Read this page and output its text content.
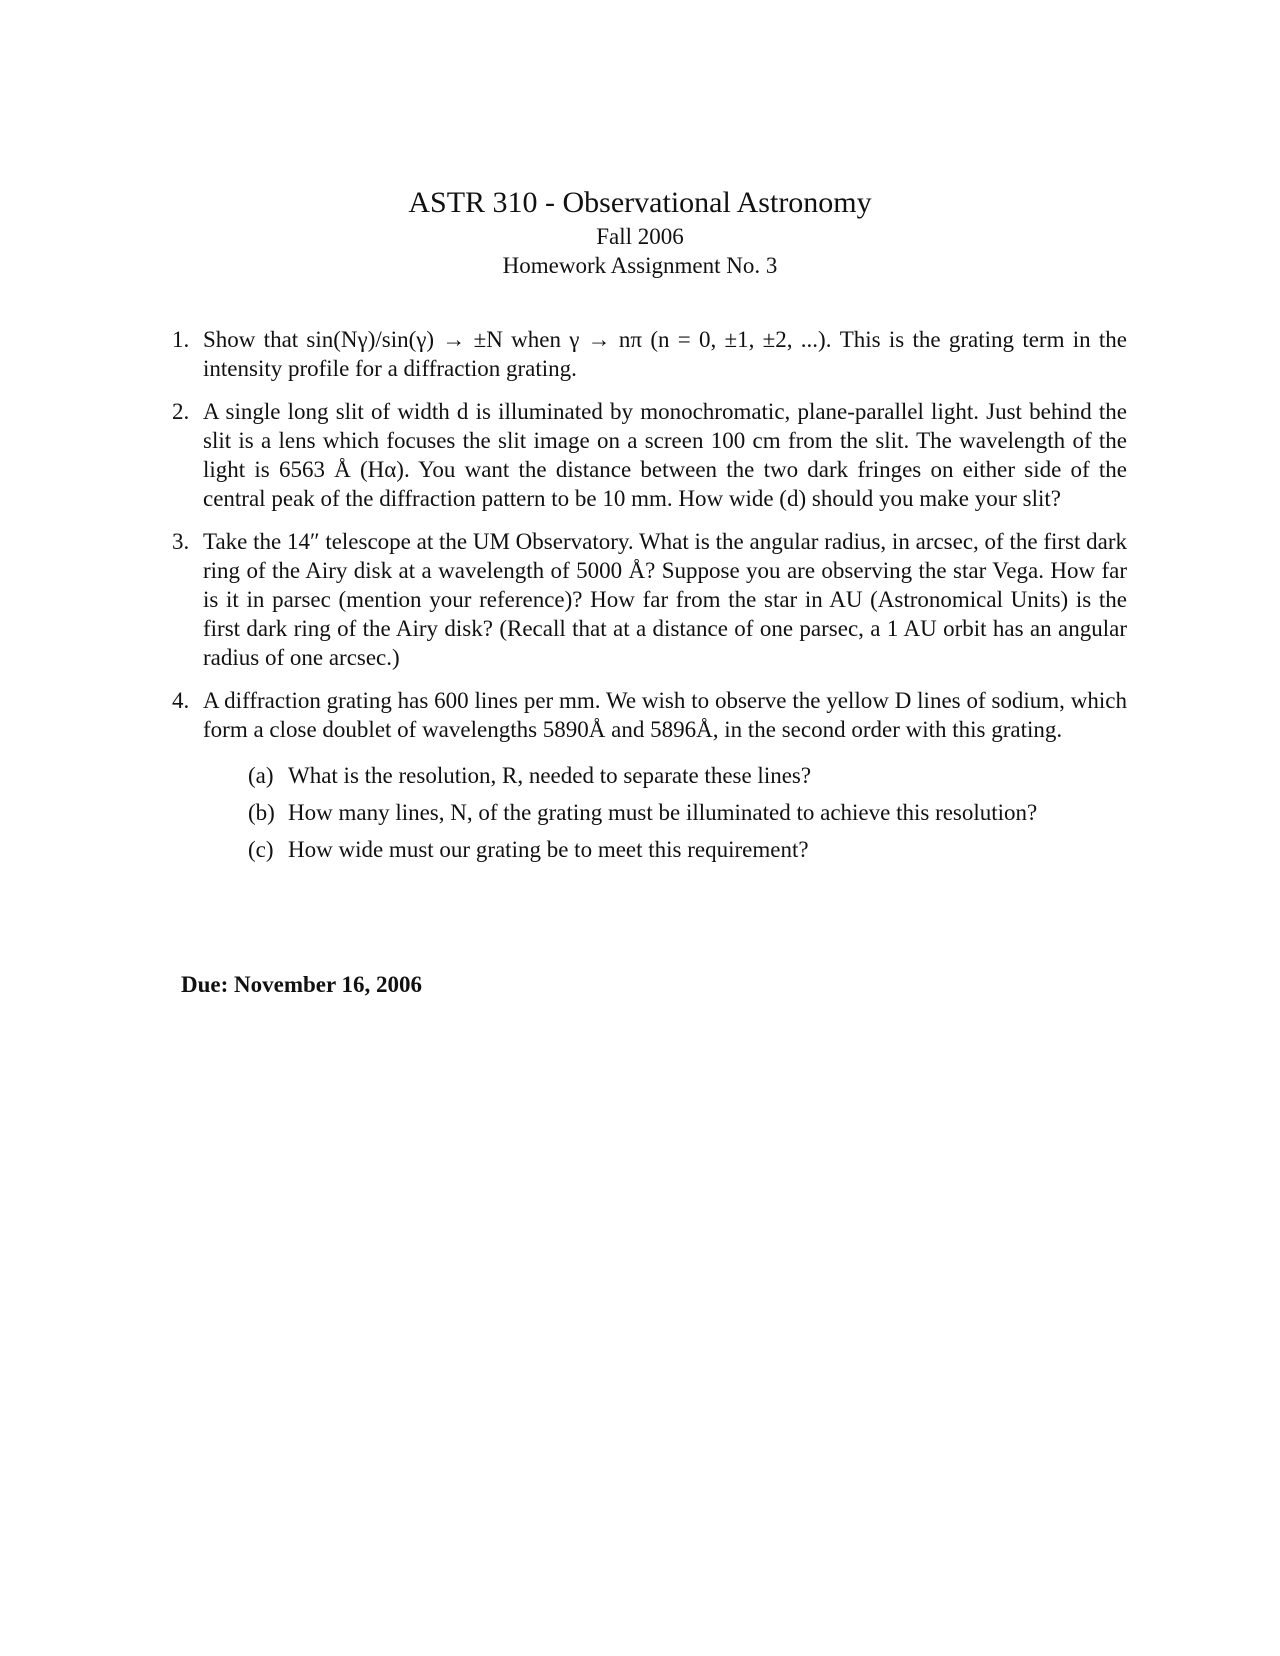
ASTR 310 - Observational Astronomy

Fall 2006

Homework Assignment No. 3

1. Show that sin(Nγ)/sin(γ) → ±N when γ → nπ (n = 0, ±1, ±2, ...). This is the grating term in the intensity profile for a diffraction grating.
2. A single long slit of width d is illuminated by monochromatic, plane-parallel light. Just behind the slit is a lens which focuses the slit image on a screen 100 cm from the slit. The wavelength of the light is 6563 Å (Hα). You want the distance between the two dark fringes on either side of the central peak of the diffraction pattern to be 10 mm. How wide (d) should you make your slit?
3. Take the 14″ telescope at the UM Observatory. What is the angular radius, in arcsec, of the first dark ring of the Airy disk at a wavelength of 5000 Å? Suppose you are observing the star Vega. How far is it in parsec (mention your reference)? How far from the star in AU (Astronomical Units) is the first dark ring of the Airy disk? (Recall that at a distance of one parsec, a 1 AU orbit has an angular radius of one arcsec.)
4. A diffraction grating has 600 lines per mm. We wish to observe the yellow D lines of sodium, which form a close doublet of wavelengths 5890Å and 5896Å, in the second order with this grating.
(a) What is the resolution, R, needed to separate these lines?
(b) How many lines, N, of the grating must be illuminated to achieve this resolution?
(c) How wide must our grating be to meet this requirement?

Due: November 16, 2006
